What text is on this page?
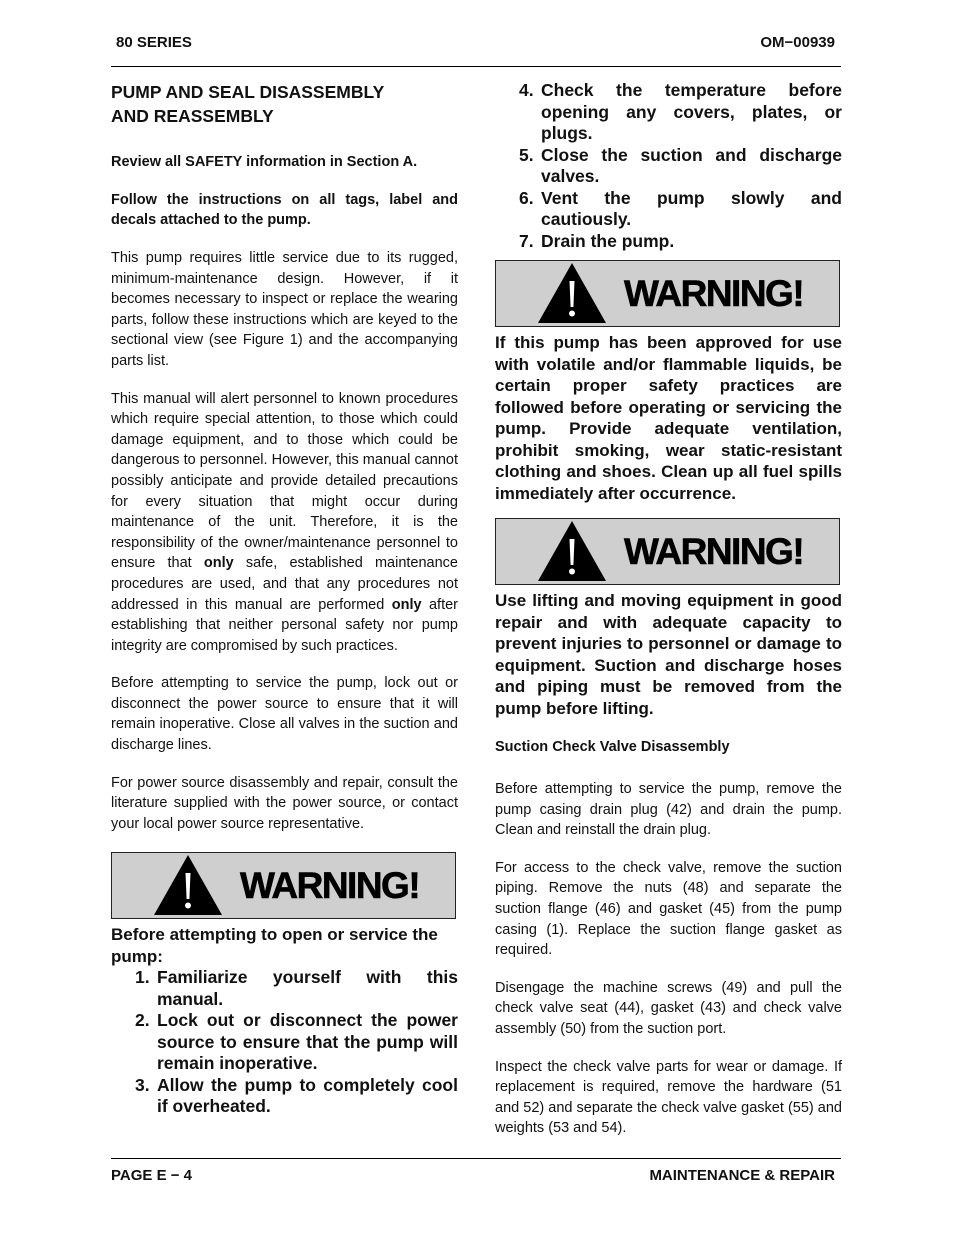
80 SERIES	OM−00939
PUMP AND SEAL DISASSEMBLY
AND REASSEMBLY

Review all SAFETY information in Section A.

Follow the instructions on all tags, label and decals attached to the pump.

This pump requires little service due to its rugged, minimum-maintenance design. However, if it becomes necessary to inspect or replace the wearing parts, follow these instructions which are keyed to the sectional view (see Figure 1) and the accompanying parts list.

This manual will alert personnel to known procedures which require special attention, to those which could damage equipment, and to those which could be dangerous to personnel. However, this manual cannot possibly anticipate and provide detailed precautions for every situation that might occur during maintenance of the unit. Therefore, it is the responsibility of the owner/maintenance personnel to ensure that only safe, established maintenance procedures are used, and that any procedures not addressed in this manual are performed only after establishing that neither personal safety nor pump integrity are compromised by such practices.

Before attempting to service the pump, lock out or disconnect the power source to ensure that it will remain inoperative. Close all valves in the suction and discharge lines.

For power source disassembly and repair, consult the literature supplied with the power source, or contact your local power source representative.

WARNING!

Before attempting to open or service the pump:

1. Familiarize yourself with this manual.
2. Lock out or disconnect the power source to ensure that the pump will remain inoperative.
3. Allow the pump to completely cool if overheated.
4. Check the temperature before opening any covers, plates, or plugs.
5. Close the suction and discharge valves.
6. Vent the pump slowly and cautiously.
7. Drain the pump.
WARNING!

If this pump has been approved for use with volatile and/or flammable liquids, be certain proper safety practices are followed before operating or servicing the pump. Provide adequate ventilation, prohibit smoking, wear static-resistant clothing and shoes. Clean up all fuel spills immediately after occurrence.

WARNING!

Use lifting and moving equipment in good repair and with adequate capacity to prevent injuries to personnel or damage to equipment. Suction and discharge hoses and piping must be removed from the pump before lifting.

Suction Check Valve Disassembly

Before attempting to service the pump, remove the pump casing drain plug (42) and drain the pump. Clean and reinstall the drain plug.

For access to the check valve, remove the suction piping. Remove the nuts (48) and separate the suction flange (46) and gasket (45) from the pump casing (1). Replace the suction flange gasket as required.

Disengage the machine screws (49) and pull the check valve seat (44), gasket (43) and check valve assembly (50) from the suction port.

Inspect the check valve parts for wear or damage. If replacement is required, remove the hardware (51 and 52) and separate the check valve gasket (55) and weights (53 and 54).

PAGE E − 4	MAINTENANCE & REPAIR
